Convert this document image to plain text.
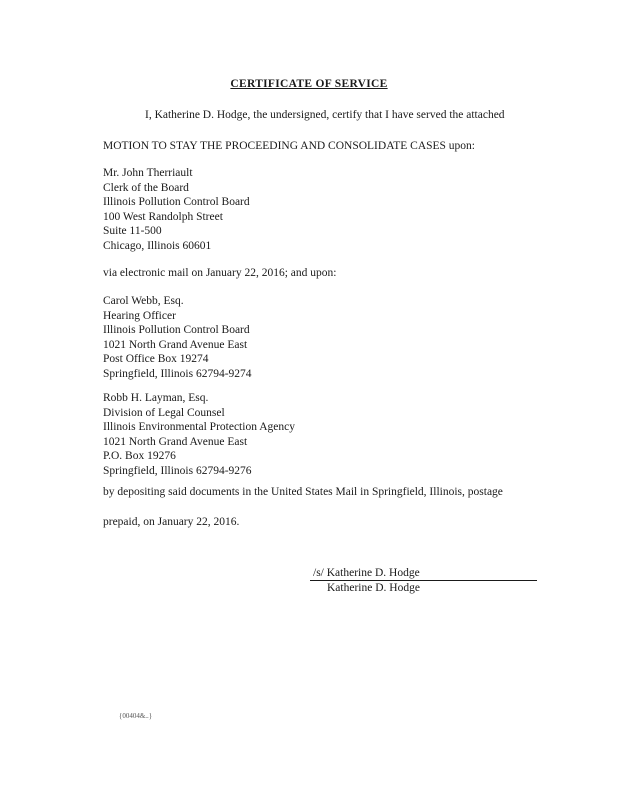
CERTIFICATE OF SERVICE
I, Katherine D. Hodge, the undersigned, certify that I have served the attached
MOTION TO STAY THE PROCEEDING AND CONSOLIDATE CASES upon:
Mr. John Therriault
Clerk of the Board
Illinois Pollution Control Board
100 West Randolph Street
Suite 11-500
Chicago, Illinois 60601
via electronic mail on January 22, 2016; and upon:
Carol Webb, Esq.
Hearing Officer
Illinois Pollution Control Board
1021 North Grand Avenue East
Post Office Box 19274
Springfield, Illinois 62794-9274
Robb H. Layman, Esq.
Division of Legal Counsel
Illinois Environmental Protection Agency
1021 North Grand Avenue East
P.O. Box 19276
Springfield, Illinois 62794-9276
by depositing said documents in the United States Mail in Springfield, Illinois, postage
prepaid, on January 22, 2016.
/s/ Katherine D. Hodge
Katherine D. Hodge
{00404&..}
